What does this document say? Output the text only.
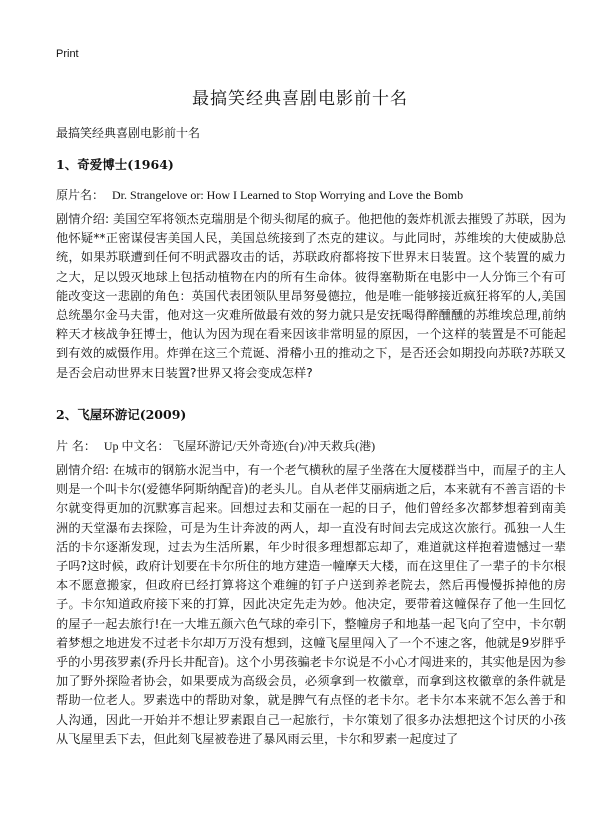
Print
最搞笑经典喜剧电影前十名
最搞笑经典喜剧电影前十名
1、奇爱博士(1964)
原片名： Dr. Strangelove or: How I Learned to Stop Worrying and Love the Bomb
剧情介绍: 美国空军将领杰克瑞朋是个彻头彻尾的疯子。他把他的轰炸机派去摧毁了苏联，因为他怀疑**正密谋侵害美国人民，美国总统接到了杰克的建议。与此同时，苏维埃的大使威胁总统，如果苏联遭到任何不明武器攻击的话，苏联政府都将按下世界末日装置。这个装置的威力之大，足以毁灭地球上包括动植物在内的所有生命体。彼得塞勒斯在电影中一人分饰三个有可能改变这一悲剧的角色：英国代表团领队里昂努曼德拉，他是唯一能够接近疯狂将军的人,美国总统墨尔金马夫雷，他对这一灾难所做最有效的努力就只是安抚喝得醉醺醺的苏维埃总理,前纳粹天才核战争狂博士，他认为因为现在看来因该非常明显的原因，一个这样的装置是不可能起到有效的威慑作用。炸弹在这三个荒诞、滑稽小丑的推动之下，是否还会如期投向苏联?苏联又是否会启动世界末日装置?世界又将会变成怎样?
2、飞屋环游记(2009)
片 名： Up 中文名： 飞屋环游记/天外奇迹(台)/冲天救兵(港)
剧情介绍: 在城市的钢筋水泥当中，有一个老气横秋的屋子坐落在大厦楼群当中，而屋子的主人则是一个叫卡尔(爱德华阿斯纳配音)的老头儿。自从老伴艾丽病逝之后，本来就有不善言语的卡尔就变得更加的沉默寡言起来。回想过去和艾丽在一起的日子，他们曾经多次都梦想着到南美洲的天堂瀑布去探险，可是为生计奔波的两人，却一直没有时间去完成这次旅行。孤独一人生活的卡尔逐渐发现，过去为生活所累，年少时很多理想都忘却了，难道就这样抱着遗憾过一辈子吗?这时候，政府计划要在卡尔所住的地方建造一幢摩天大楼，而在这里住了一辈子的卡尔根本不愿意搬家，但政府已经打算将这个难缠的钉子户送到养老院去，然后再慢慢拆掉他的房子。卡尔知道政府接下来的打算，因此决定先走为妙。他决定，要带着这幢保存了他一生回忆的屋子一起去旅行!在一大堆五颜六色气球的牵引下，整幢房子和地基一起飞向了空中，卡尔朝着梦想之地进发不过老卡尔却万万没有想到，这幢飞屋里闯入了一个不速之客，他就是9岁胖乎乎的小男孩罗素(乔丹长井配音)。这个小男孩骗老卡尔说是不小心才闯进来的，其实他是因为参加了野外探险者协会，如果要成为高级会员，必须拿到一枚徽章，而拿到这枚徽章的条件就是帮助一位老人。罗素选中的帮助对象，就是脾气有点怪的老卡尔。老卡尔本来就不怎么善于和人沟通，因此一开始并不想让罗素跟自己一起旅行，卡尔策划了很多办法想把这个讨厌的小孩从飞屋里丢下去，但此刻飞屋被卷进了暴风雨云里，卡尔和罗素一起度过了
